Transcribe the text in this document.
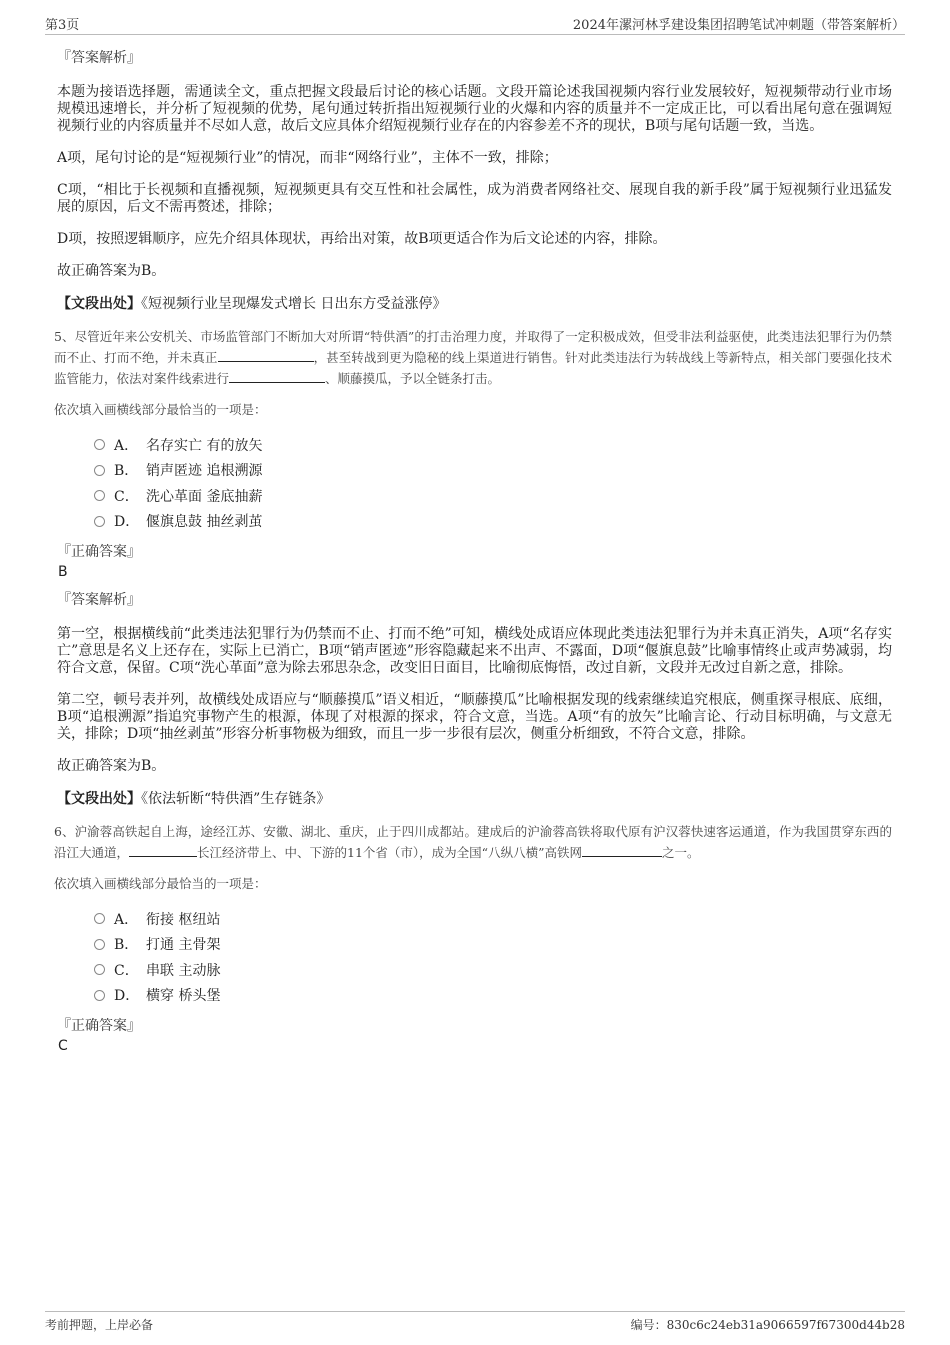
第3页	2024年漯河林孚建设集团招聘笔试冲刺题（带答案解析）
『答案解析』

本题为接语选择题，需通读全文，重点把握文段最后讨论的核心话题。文段开篇论述我国视频内容行业发展较好，短视频带动行业市场规模迅速增长，并分析了短视频的优势，尾句通过转折指出短视频行业的火爆和内容的质量并不一定成正比，可以看出尾句意在强调短视频行业的内容质量并不尽如人意，故后文应具体介绍短视频行业存在的内容参差不齐的现状，B项与尾句话题一致，当选。

A项，尾句讨论的是“短视频行业”的情况，而非“网络行业”，主体不一致，排除；

C项，“相比于长视频和直播视频，短视频更具有交互性和社会属性，成为消费者网络社交、展现自我的新手段”属于短视频行业迅猛发展的原因，后文不需再赘述，排除；

D项，按照逻辑顺序，应先介绍具体现状，再给出对策，故B项更适合作为后文论述的内容，排除。

故正确答案为B。

【文段出处】《短视频行业呈现爆发式增长 日出东方受益涨停》

5、尽管近年来公安机关、市场监管部门不断加大对所谓“特供酒”的打击治理力度，并取得了一定积极成效，但受非法利益驱使，此类违法犯罪行为仍禁而不止、打而不绝，并未真正	，甚至转战到更为隐秘的线上渠道进行销售。针对此类违法行为转战线上等新特点，相关部门要强化技术监管能力，依法对案件线索进行	、顺藤摸瓜，予以全链条打击。

依次填入画横线部分最恰当的一项是：

A． 名存实亡 有的放矢
B． 销声匿迹 追根溯源
C． 洗心革面 釜底抽薪
D． 偃旗息鼓 抽丝剥茧
『正确答案』
B
『答案解析』

第一空，根据横线前“此类违法犯罪行为仍禁而不止、打而不绝”可知，横线处成语应体现此类违法犯罪行为并未真正消失，A项“名存实亡”意思是名义上还存在，实际上已消亡，B项“销声匿迹”形容隐藏起来不出声、不露面，D项“偃旗息鼓”比喻事情终止或声势减弱，均符合文意，保留。C项“洗心革面”意为除去邪思杂念，改变旧日面目，比喻彻底悔悟，改过自新，文段并无改过自新之意，排除。

第二空，顿号表并列，故横线处成语应与“顺藤摸瓜”语义相近，“顺藤摸瓜”比喻根据发现的线索继续追究根底，侧重探寻根底、底细，B项“追根溯源”指追究事物产生的根源，体现了对根源的探求，符合文意，当选。A项“有的放矢”比喻言论、行动目标明确，与文意无关，排除；D项“抽丝剥茧”形容分析事物极为细致，而且一步一步很有层次，侧重分析细致，不符合文意，排除。

故正确答案为B。

【文段出处】《依法斩断“特供酒”生存链条》

6、沪渝蓉高铁起自上海，途经江苏、安徽、湖北、重庆，止于四川成都站。建成后的沪渝蓉高铁将取代原有沪汉蓉快速客运通道，作为我国贯穿东西的沿江大通道，	长江经济带上、中、下游的11个省（市），成为全国“八纵八横”高铁网	之一。

依次填入画横线部分最恰当的一项是：

A． 衔接 枢纽站
B． 打通 主骨架
C． 串联 主动脉
D． 横穿 桥头堡
『正确答案』
C
考前押题，上岸必备	编号：830c6c24eb31a9066597f67300d44b28
